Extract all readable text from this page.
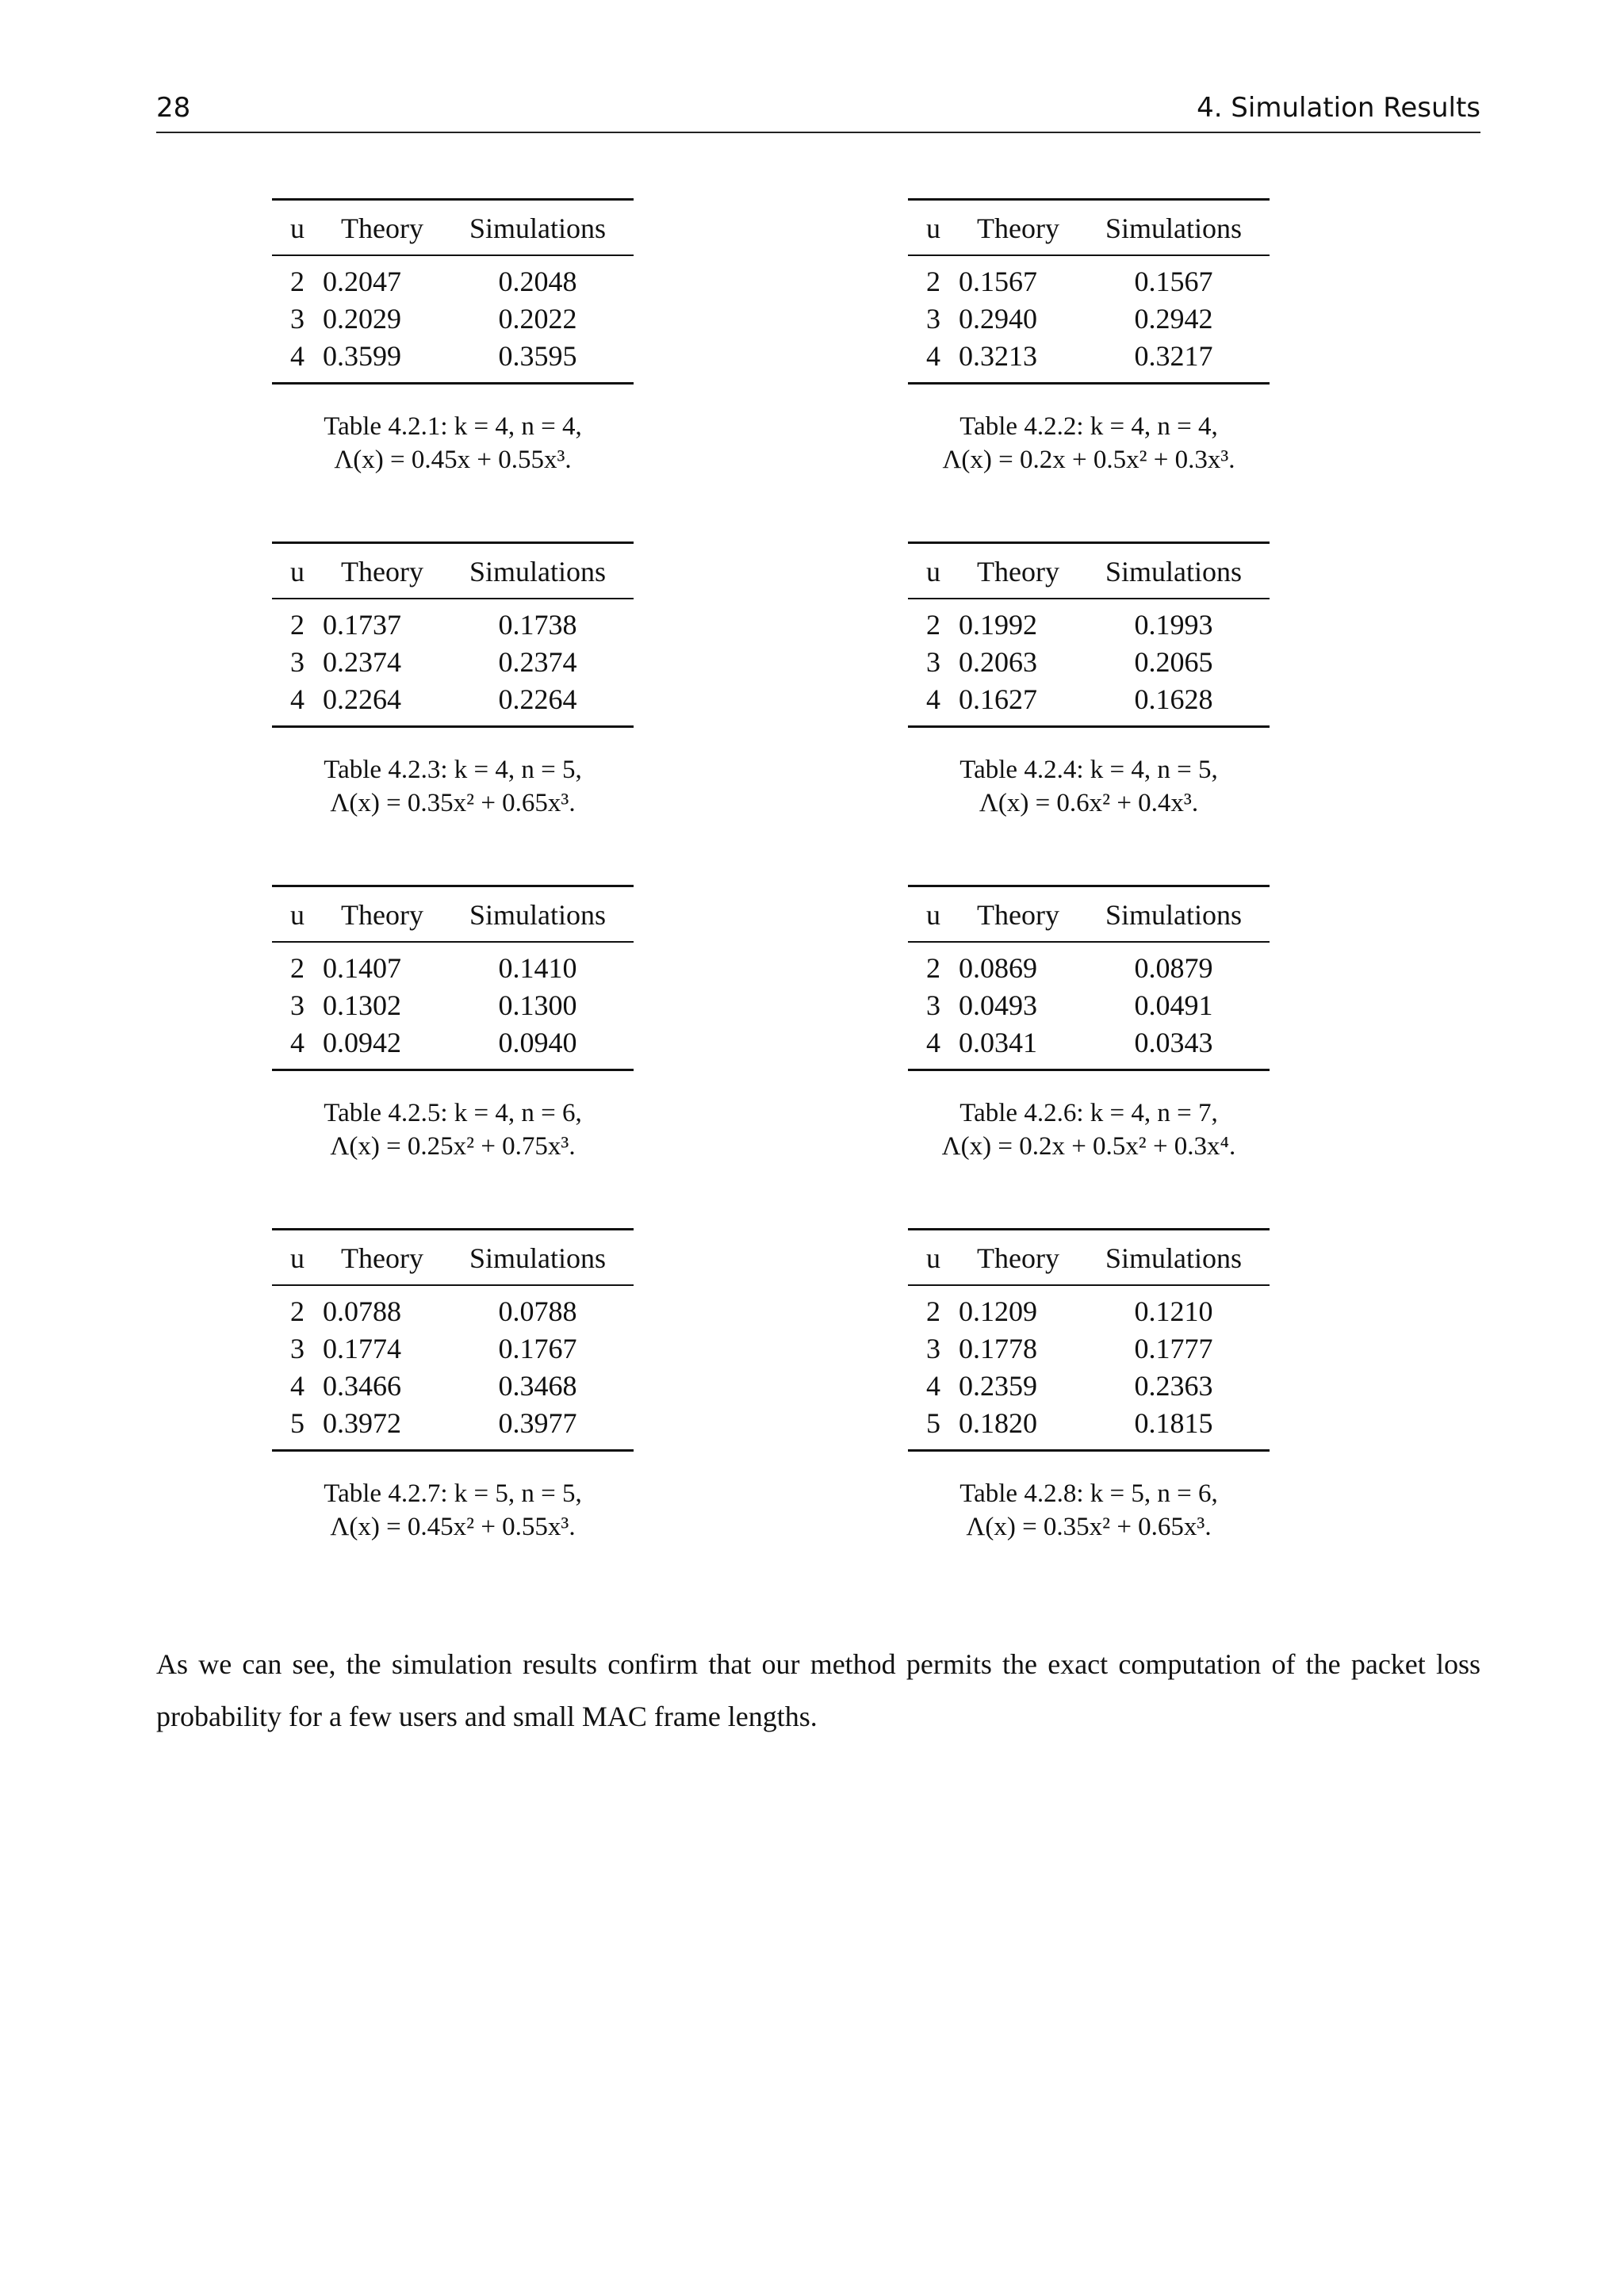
28	4. Simulation Results
u	Theory	Simulations
2	0.2047	0.2048
3	0.2029	0.2022
4	0.3599	0.3595
Table 4.2.1: k = 4, n = 4,
Λ(x) = 0.45x + 0.55x³.
u	Theory	Simulations
2	0.1567	0.1567
3	0.2940	0.2942
4	0.3213	0.3217
Table 4.2.2: k = 4, n = 4,
Λ(x) = 0.2x + 0.5x² + 0.3x³.
u	Theory	Simulations
2	0.1737	0.1738
3	0.2374	0.2374
4	0.2264	0.2264
Table 4.2.3: k = 4, n = 5,
Λ(x) = 0.35x² + 0.65x³.
u	Theory	Simulations
2	0.1992	0.1993
3	0.2063	0.2065
4	0.1627	0.1628
Table 4.2.4: k = 4, n = 5,
Λ(x) = 0.6x² + 0.4x³.
u	Theory	Simulations
2	0.1407	0.1410
3	0.1302	0.1300
4	0.0942	0.0940
Table 4.2.5: k = 4, n = 6,
Λ(x) = 0.25x² + 0.75x³.
u	Theory	Simulations
2	0.0869	0.0879
3	0.0493	0.0491
4	0.0341	0.0343
Table 4.2.6: k = 4, n = 7,
Λ(x) = 0.2x + 0.5x² + 0.3x⁴.
u	Theory	Simulations
2	0.0788	0.0788
3	0.1774	0.1767
4	0.3466	0.3468
5	0.3972	0.3977
Table 4.2.7: k = 5, n = 5,
Λ(x) = 0.45x² + 0.55x³.
u	Theory	Simulations
2	0.1209	0.1210
3	0.1778	0.1777
4	0.2359	0.2363
5	0.1820	0.1815
Table 4.2.8: k = 5, n = 6,
Λ(x) = 0.35x² + 0.65x³.

As we can see, the simulation results confirm that our method permits the exact computation of the packet loss probability for a few users and small MAC frame lengths.
